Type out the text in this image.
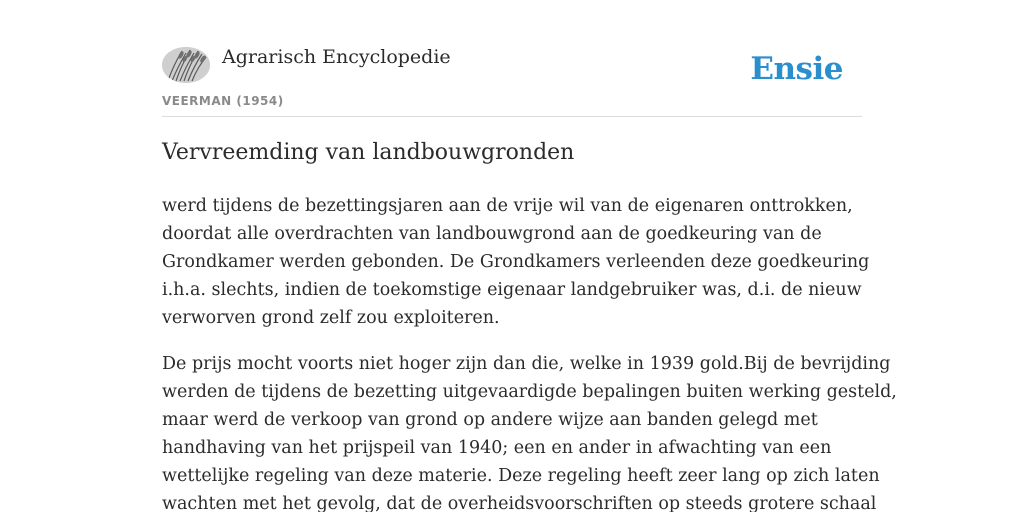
Agrarisch Encyclopedie
VEERMAN (1954)
Ensie
Vervreemding van landbouwgronden

werd tijdens de bezettingsjaren aan de vrije wil van de eigenaren onttrokken,
doordat alle overdrachten van landbouwgrond aan de goedkeuring van de
Grondkamer werden gebonden. De Grondkamers verleenden deze goedkeuring
i.h.a. slechts, indien de toekomstige eigenaar landgebruiker was, d.i. de nieuw
verworven grond zelf zou exploiteren.

De prijs mocht voorts niet hoger zijn dan die, welke in 1939 gold.Bij de bevrijding
werden de tijdens de bezetting uitgevaardigde bepalingen buiten werking gesteld,
maar werd de verkoop van grond op andere wijze aan banden gelegd met
handhaving van het prijspeil van 1940; een en ander in afwachting van een
wettelijke regeling van deze materie. Deze regeling heeft zeer lang op zich laten
wachten met het gevolg, dat de overheidsvoorschriften op steeds grotere schaal
